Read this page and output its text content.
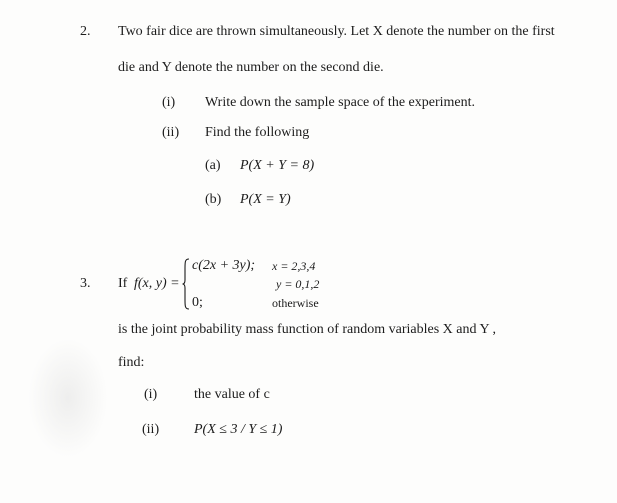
2. Two fair dice are thrown simultaneously. Let X denote the number on the first
die and Y denote the number on the second die.
(i) Write down the sample space of the experiment.
(ii) Find the following
(a) P(X + Y = 8)
(b) P(X = Y)
3. If f(x, y) =
c(2x + 3y); x = 2,3,4
y = 0,1,2
0;	otherwise
is the joint probability mass function of random variables X and Y ,
find:
(i)	the value of c
(ii) P(X ≤ 3 / Y ≤ 1)
